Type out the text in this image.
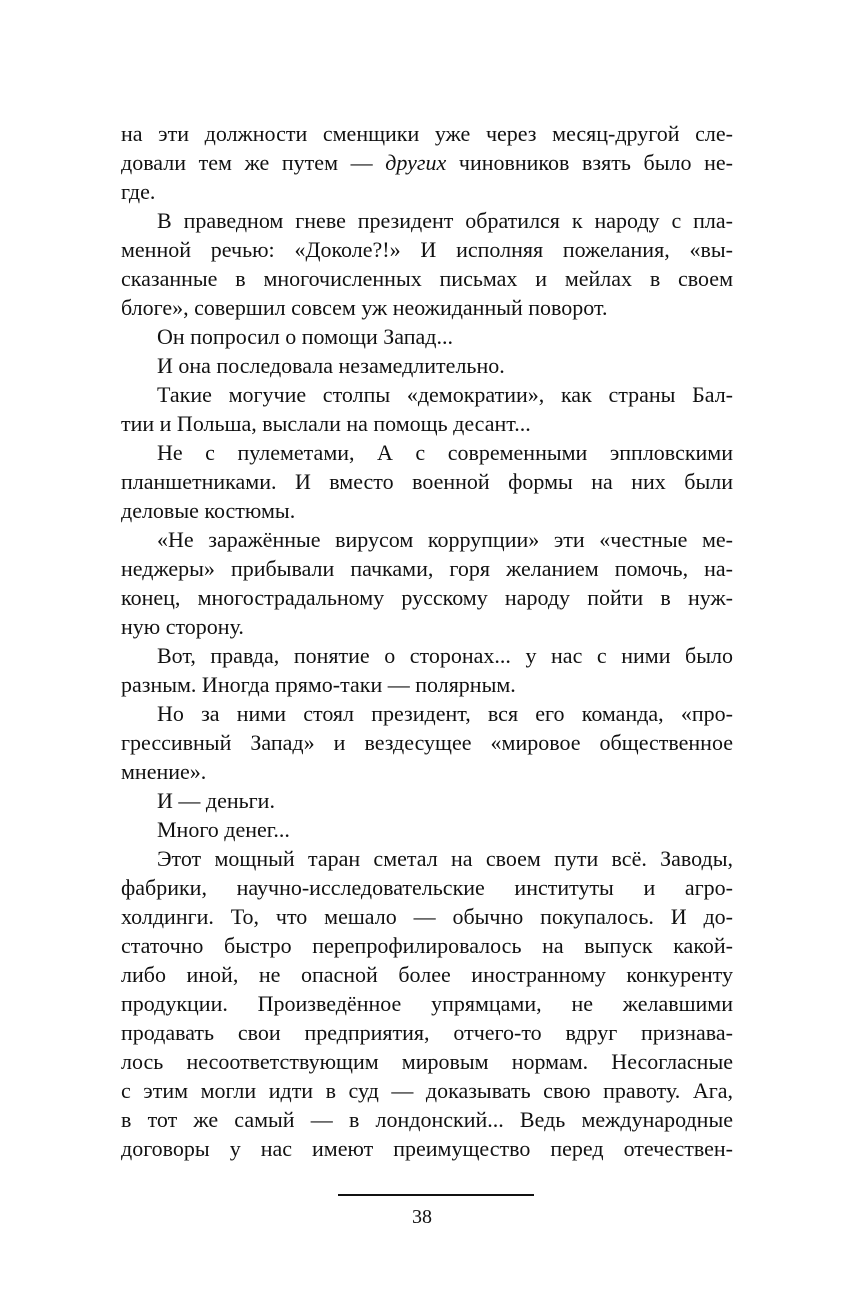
на эти должности сменщики уже через месяц-другой сле-
довали тем же путем — других чиновников взять было не-
где.
В праведном гневе президент обратился к народу с пла-
менной речью: «Доколе?!» И исполняя пожелания, «вы-
сказанные в многочисленных письмах и мейлах в своем
блоге», совершил совсем уж неожиданный поворот.
Он попросил о помощи Запад...
И она последовала незамедлительно.
Такие могучие столпы «демократии», как страны Бал-
тии и Польша, выслали на помощь десант...
Не с пулеметами, А с современными эппловскими
планшетниками. И вместо военной формы на них были
деловые костюмы.
«Не заражённые вирусом коррупции» эти «честные ме-
неджеры» прибывали пачками, горя желанием помочь, на-
конец, многострадальному русскому народу пойти в нуж-
ную сторону.
Вот, правда, понятие о сторонах... у нас с ними было
разным. Иногда прямо-таки — полярным.
Но за ними стоял президент, вся его команда, «про-
грессивный Запад» и вездесущее «мировое общественное
мнение».
И — деньги.
Много денег...
Этот мощный таран сметал на своем пути всё. Заводы,
фабрики, научно-исследовательские институты и агро-
холдинги. То, что мешало — обычно покупалось. И до-
статочно быстро перепрофилировалось на выпуск какой-
либо иной, не опасной более иностранному конкуренту
продукции. Произведённое упрямцами, не желавшими
продавать свои предприятия, отчего-то вдруг признава-
лось несоответствующим мировым нормам. Несогласные
с этим могли идти в суд — доказывать свою правоту. Ага,
в тот же самый — в лондонский... Ведь международные
договоры у нас имеют преимущество перед отечествен-
38
